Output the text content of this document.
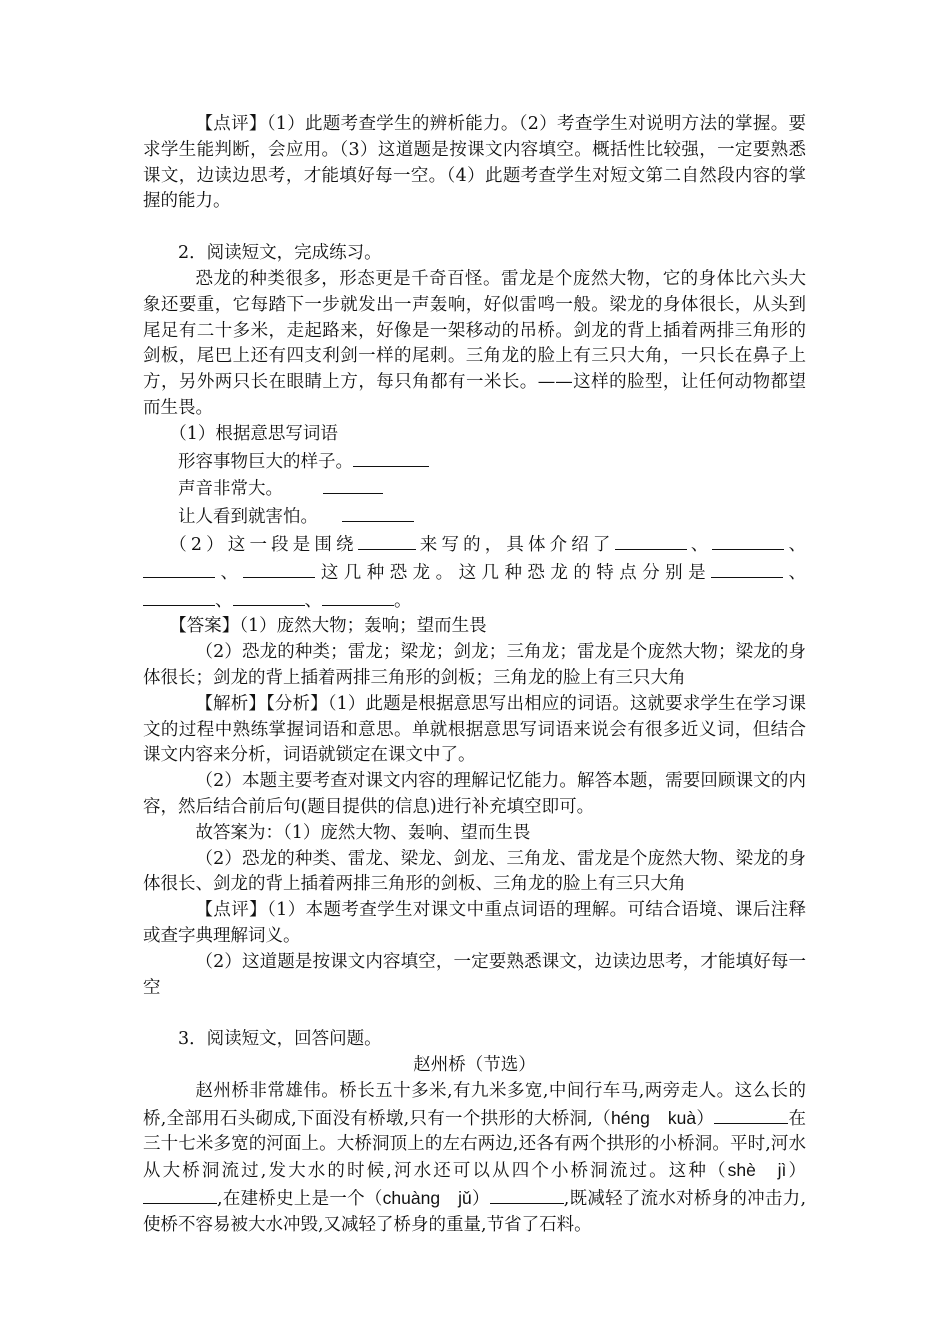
【点评】（1）此题考查学生的辨析能力。（2）考查学生对说明方法的掌握。要求学生能判断，会应用。（3）这道题是按课文内容填空。概括性比较强，一定要熟悉课文，边读边思考，才能填好每一空。（4）此题考查学生对短文第二自然段内容的掌握的能力。

2．阅读短文，完成练习。

恐龙的种类很多，形态更是千奇百怪。雷龙是个庞然大物，它的身体比六头大象还要重，它每踏下一步就发出一声轰响，好似雷鸣一般。梁龙的身体很长，从头到尾足有二十多米，走起路来，好像是一架移动的吊桥。剑龙的背上插着两排三角形的剑板，尾巴上还有四支利剑一样的尾刺。三角龙的脸上有三只大角，一只长在鼻子上方，另外两只长在眼睛上方，每只角都有一米长。——这样的脸型，让任何动物都望而生畏。

（1）根据意思写词语

形容事物巨大的样子。

声音非常大。

让人看到就害怕。

（2）这一段是围绕	来写的，具体介绍了	、	、

、	这几种恐龙。这几种恐龙的特点分别是	、

、	、	。

【答案】（1）庞然大物；轰响；望而生畏

（2）恐龙的种类；雷龙；梁龙；剑龙；三角龙；雷龙是个庞然大物；梁龙的身体很长；剑龙的背上插着两排三角形的剑板；三角龙的脸上有三只大角

【解析】【分析】（1）此题是根据意思写出相应的词语。这就要求学生在学习课文的过程中熟练掌握词语和意思。单就根据意思写词语来说会有很多近义词，但结合课文内容来分析，词语就锁定在课文中了。

（2）本题主要考查对课文内容的理解记忆能力。解答本题，需要回顾课文的内容，然后结合前后句(题目提供的信息)进行补充填空即可。

故答案为：（1）庞然大物、轰响、望而生畏

（2）恐龙的种类、雷龙、梁龙、剑龙、三角龙、雷龙是个庞然大物、梁龙的身体很长、剑龙的背上插着两排三角形的剑板、三角龙的脸上有三只大角

【点评】（1）本题考查学生对课文中重点词语的理解。可结合语境、课后注释或查字典理解词义。

（2）这道题是按课文内容填空，一定要熟悉课文，边读边思考，才能填好每一空

3．阅读短文，回答问题。

赵州桥（节选）

赵州桥非常雄伟。桥长五十多米,有九米多宽,中间行车马,两旁走人。这么长的桥,全部用石头砌成,下面没有桥墩,只有一个拱形的大桥洞,（héng　kuà）	在三十七米多宽的河面上。大桥洞顶上的左右两边,还各有两个拱形的小桥洞。平时,河水从大桥洞流过,发大水的时候,河水还可以从四个小桥洞流过。这种（shè　jì）,在建桥史上是一个（chuàng　jǔ）	,既减轻了流水对桥身的冲击力,使桥不容易被大水冲毁,又减轻了桥身的重量,节省了石料。
